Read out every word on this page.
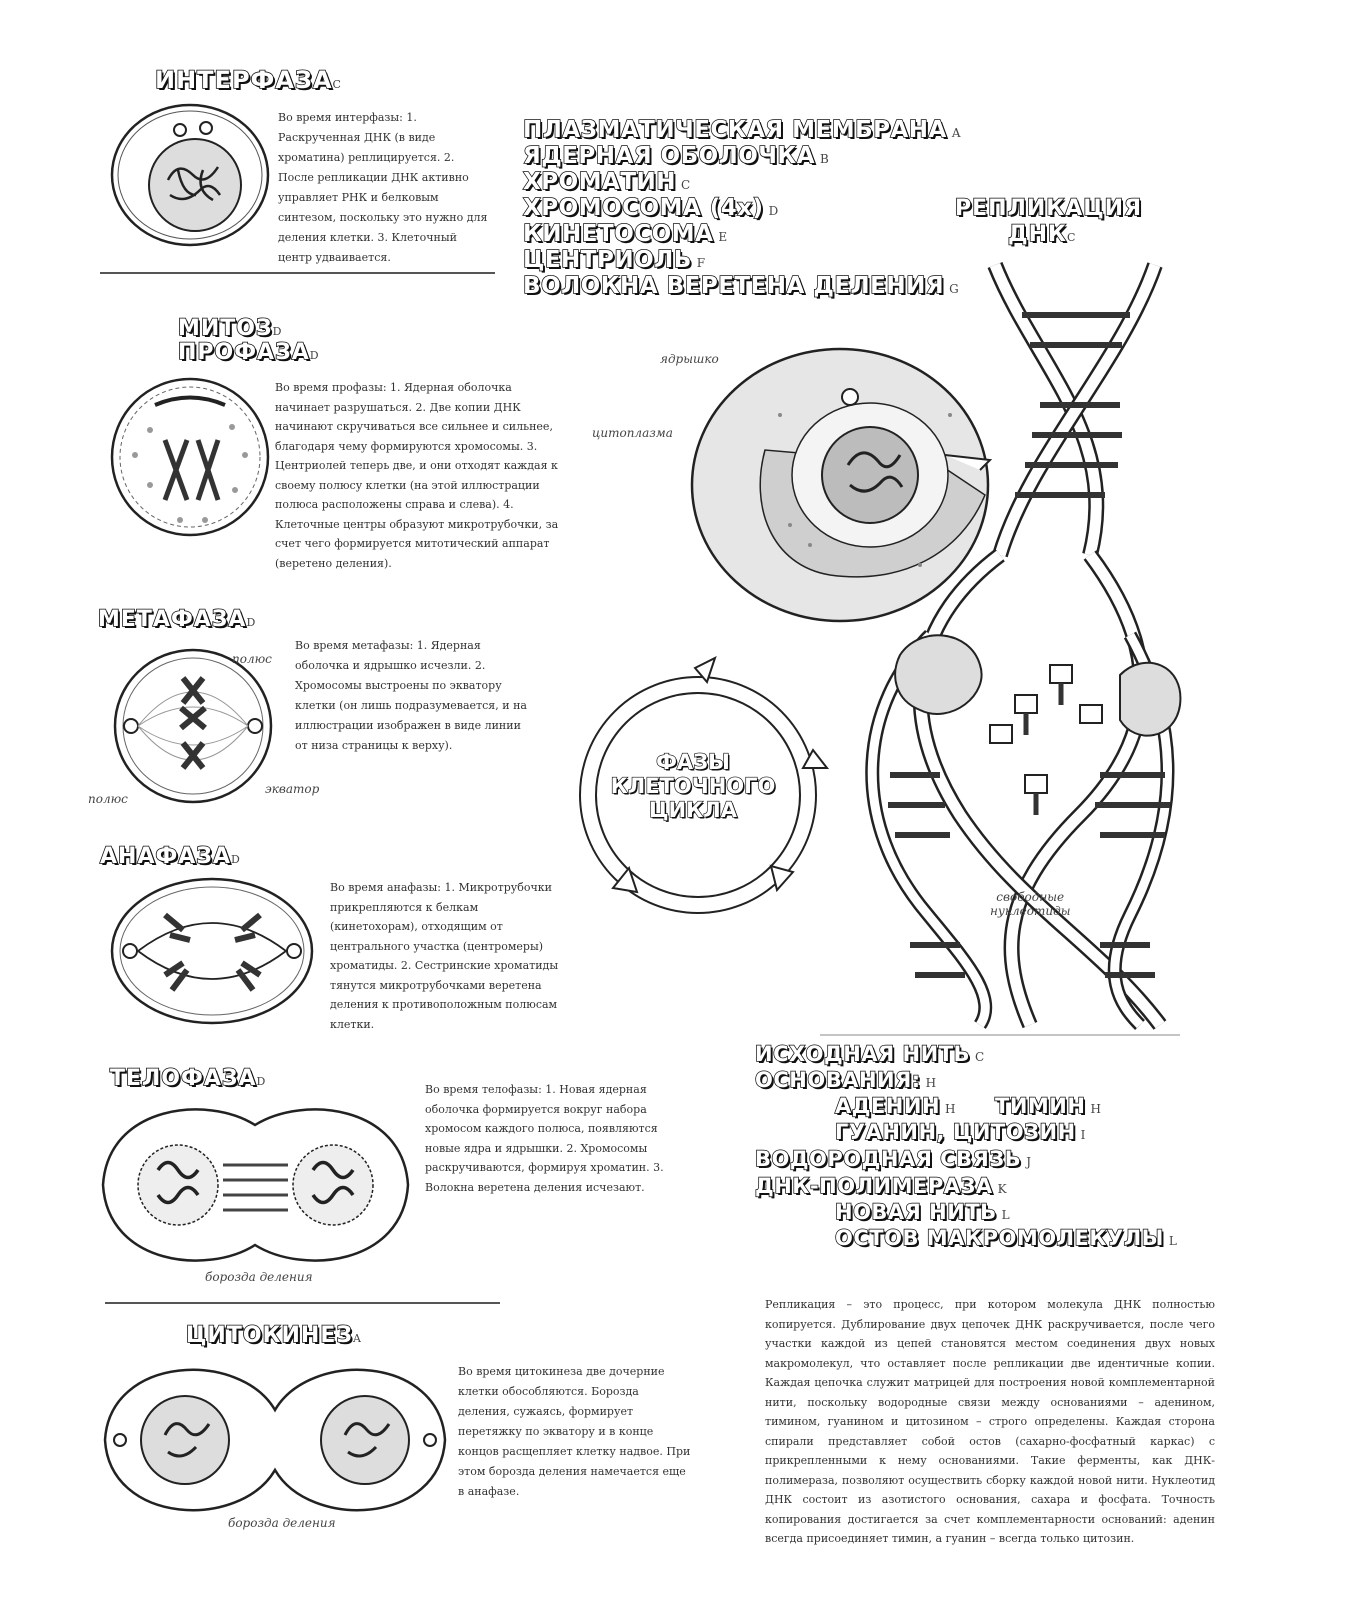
ИНТЕРФАЗАC
Во время интерфазы: 1. Раскрученная ДНК (в виде хроматина) реплицируется. 2. После репликации ДНК активно управляет РНК и белковым синтезом, поскольку это нужно для деления клетки. 3. Клеточный центр удваивается.
МИТОЗD
ПРОФАЗАD
Во время профазы: 1. Ядерная оболочка начинает разрушаться. 2. Две копии ДНК начинают скручиваться все сильнее и сильнее, благодаря чему формируются хромосомы. 3. Центриолей теперь две, и они отходят каждая к своему полюсу клетки (на этой иллюстрации полюса расположены справа и слева). 4. Клеточные центры образуют микротрубочки, за счет чего формируется митотический аппарат (веретено деления).
МЕТАФАЗАD
полюс
полюс
экватор
Во время метафазы: 1. Ядерная оболочка и ядрышко исчезли. 2. Хромосомы выстроены по экватору клетки (он лишь подразумевается, и на иллюстрации изображен в виде линии от низа страницы к верху).
АНАФАЗАD
Во время анафазы: 1. Микротрубочки прикрепляются к белкам (кинетохорам), отходящим от центрального участка (центромеры) хроматиды. 2. Сестринские хроматиды тянутся микротрубочками веретена деления к противоположным полюсам клетки.
ТЕЛОФАЗАD
борозда деления
Во время телофазы: 1. Новая ядерная оболочка формируется вокруг набора хромосом каждого полюса, появляются новые ядра и ядрышки. 2. Хромосомы раскручиваются, формируя хроматин. 3. Волокна веретена деления исчезают.
ЦИТОКИНЕЗA
борозда деления
Во время цитокинеза две дочерние клетки обособляются. Борозда деления, сужаясь, формирует перетяжку по экватору и в конце концов расщепляет клетку надвое. При этом борозда деления намечается еще в анафазе.
ПЛАЗМАТИЧЕСКАЯ МЕМБРАНА A
ЯДЕРНАЯ ОБОЛОЧКА B
ХРОМАТИН C
ХРОМОСОМА (4x) D
КИНЕТОСОМА E
ЦЕНТРИОЛЬ F
ВОЛОКНА ВЕРЕТЕНА ДЕЛЕНИЯ G
ядрышко
цитоплазма
ФАЗЫ
КЛЕТОЧНОГО
ЦИКЛА
РЕПЛИКАЦИЯ
ДНКC
свободные
нуклеотиды
ИСХОДНАЯ НИТЬ C
ОСНОВАНИЯ: H
АДЕНИН H ТИМИН H
ГУАНИН, ЦИТОЗИН I
ВОДОРОДНАЯ СВЯЗЬ J
ДНК-ПОЛИМЕРАЗА K
НОВАЯ НИТЬ L
ОСТОВ МАКРОМОЛЕКУЛЫ L
Репликация – это процесс, при котором молекула ДНК полностью копируется. Дублирование двух цепочек ДНК раскручивается, после чего участки каждой из цепей становятся местом соединения двух новых макромолекул, что оставляет после репликации две идентичные копии. Каждая цепочка служит матрицей для построения новой комплементарной нити, поскольку водородные связи между основаниями – аденином, тимином, гуанином и цитозином – строго определены. Каждая сторона спирали представляет собой остов (сахарно-фосфатный каркас) с прикрепленными к нему основаниями. Такие ферменты, как ДНК-полимераза, позволяют осуществить сборку каждой новой нити. Нуклеотид ДНК состоит из азотистого основания, сахара и фосфата. Точность копирования достигается за счет комплементарности оснований: аденин всегда присоединяет тимин, а гуанин – всегда только цитозин.
